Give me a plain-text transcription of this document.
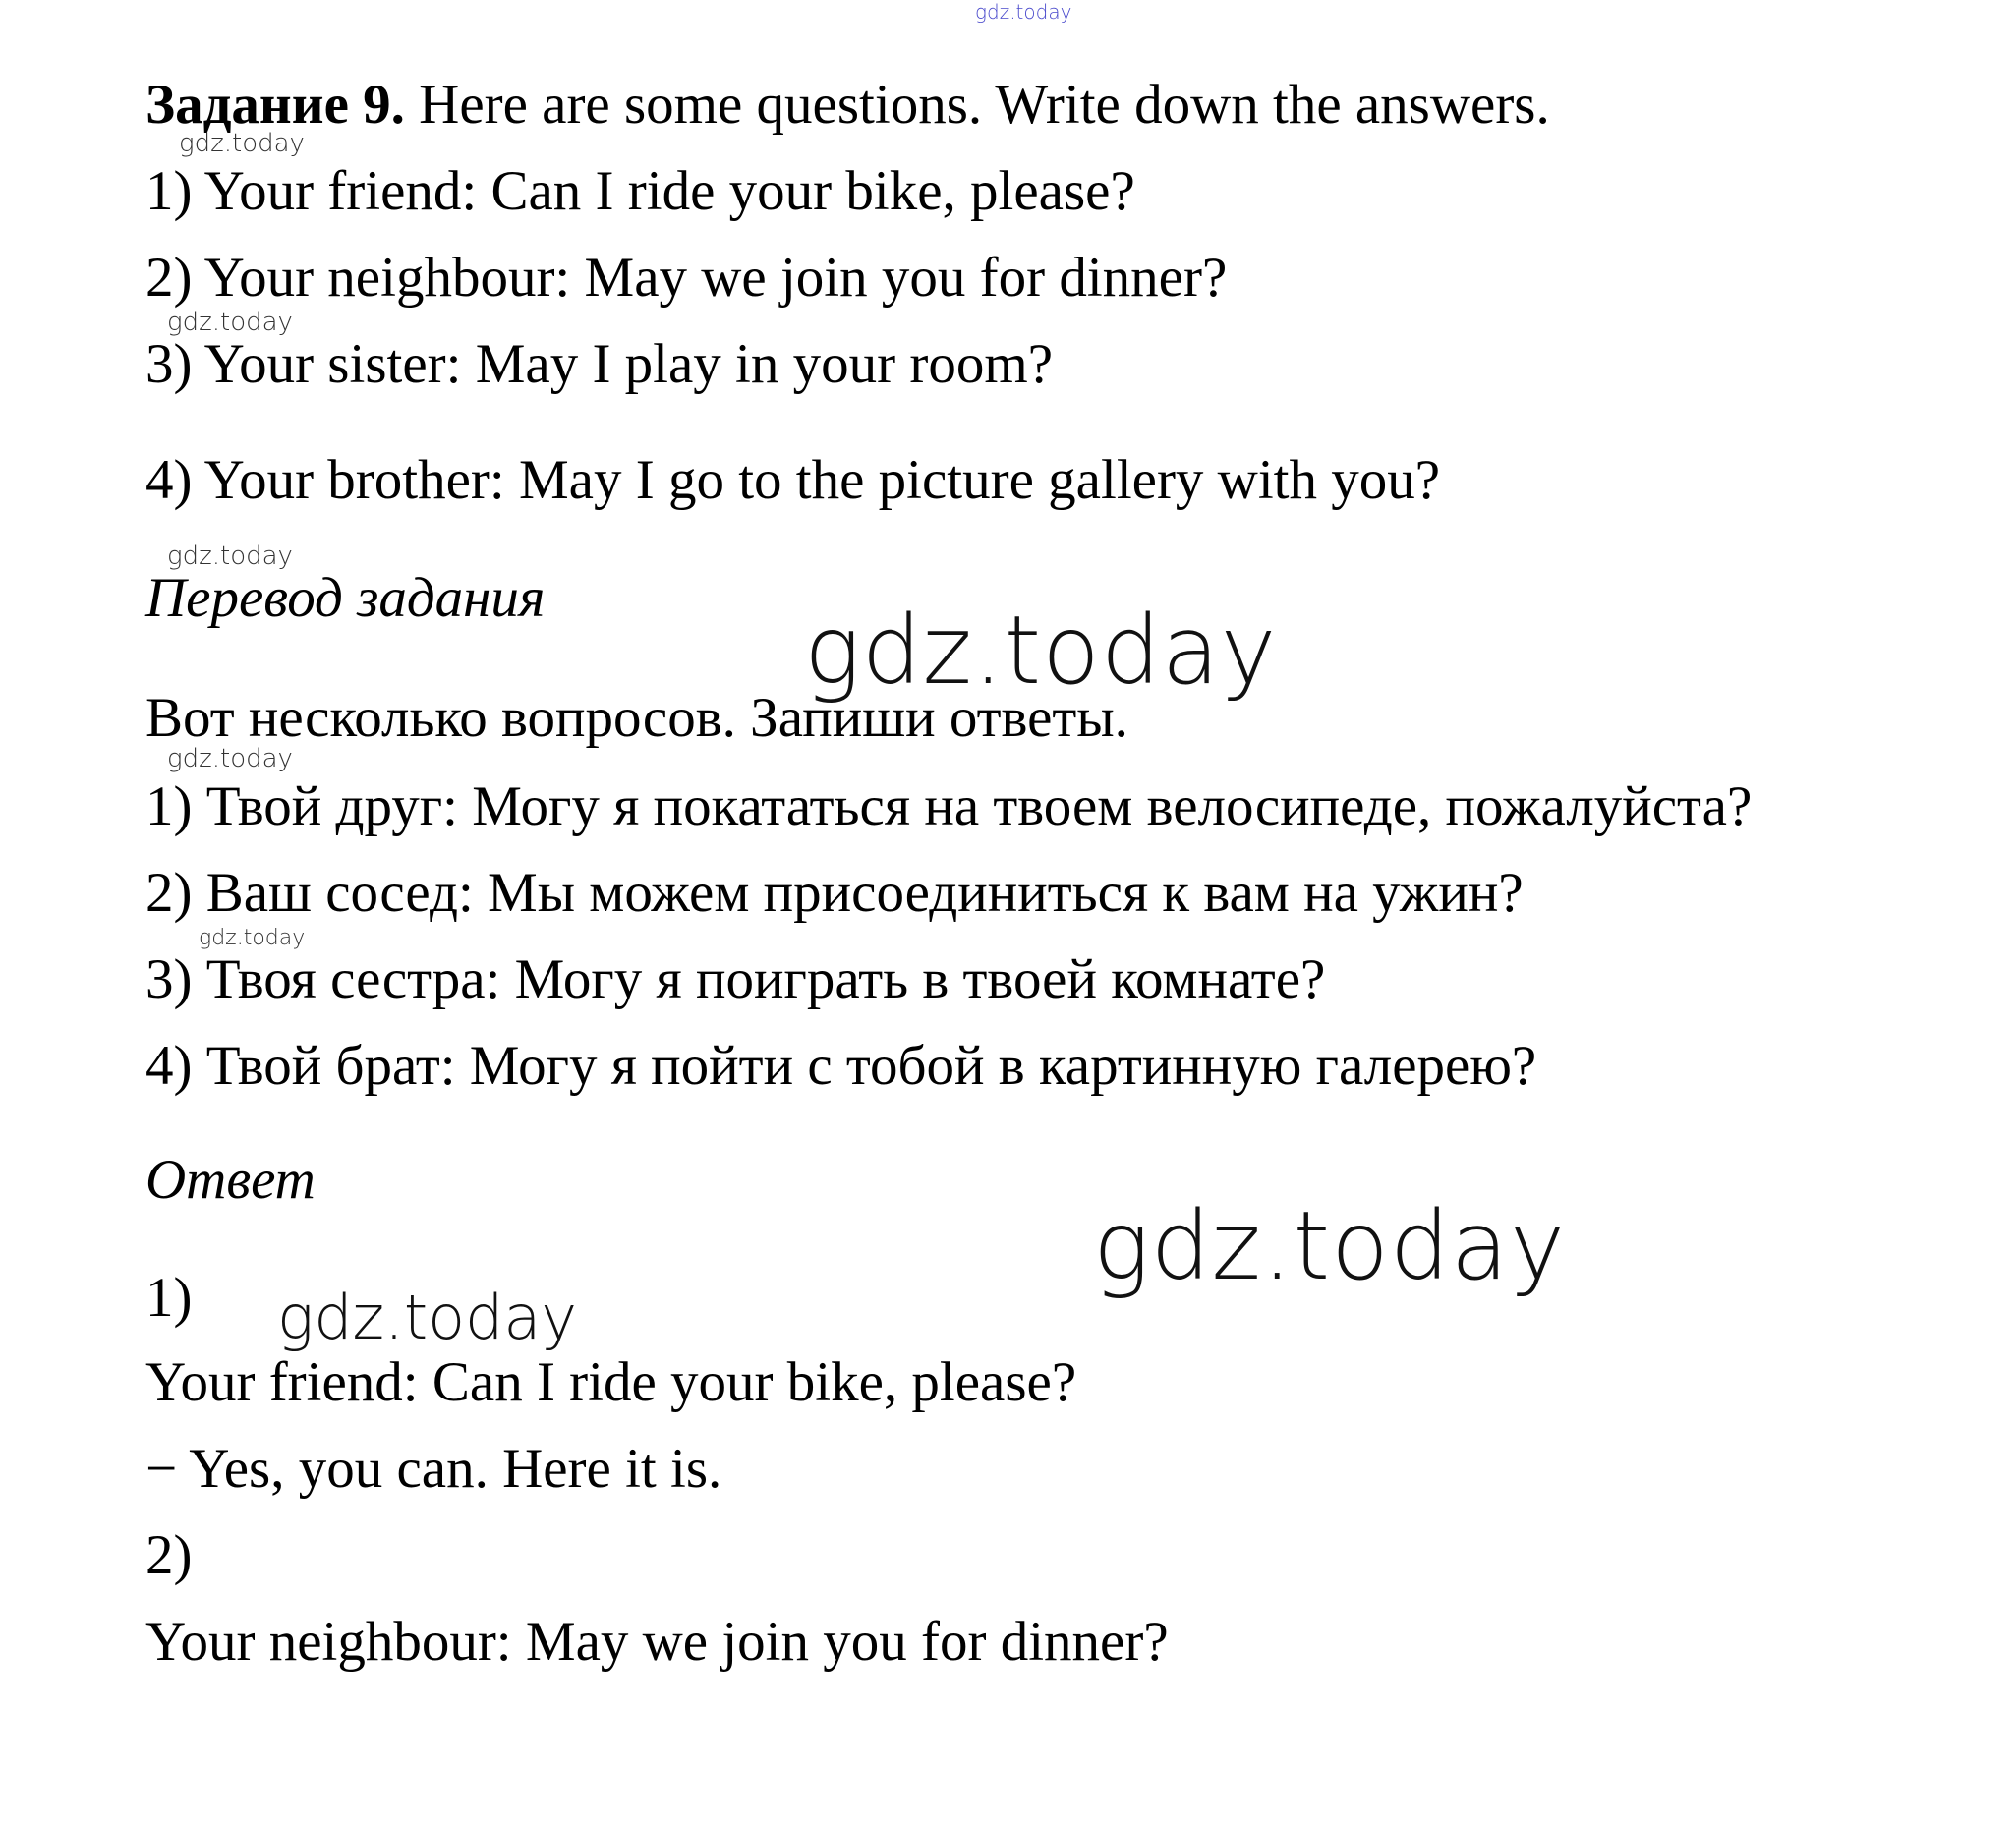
gdz.today
Задание 9. Here are some questions. Write down the answers.
gdz.today
1) Your friend: Can I ride your bike, please?
2) Your neighbour: May we join you for dinner?
gdz.today
3) Your sister: May I play in your room?
4) Your brother: May I go to the picture gallery with you?
gdz.today
Перевод задания	gdz.today
Вот несколько вопросов. Запиши ответы.
gdz.today
1) Твой друг: Могу я покататься на твоем велосипеде, пожалуйста?
2) Ваш сосед: Мы можем присоединиться к вам на ужин?
gdz.today
3) Твоя сестра: Могу я поиграть в твоей комнате?
4) Твой брат: Могу я пойти с тобой в картинную галерею?
Ответ
gdz.today
1) gdz.today
Your friend: Can I ride your bike, please?
− Yes, you can. Here it is.
2)
Your neighbour: May we join you for dinner?
